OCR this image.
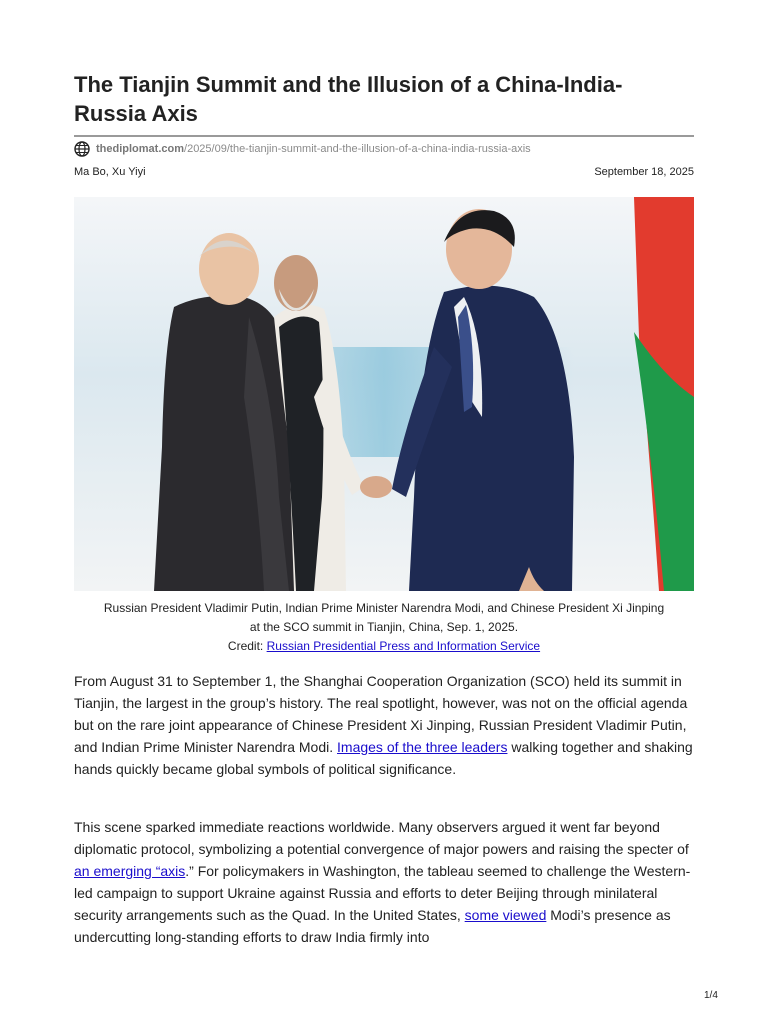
The Tianjin Summit and the Illusion of a China-India-Russia Axis
thediplomat.com /2025/09/the-tianjin-summit-and-the-illusion-of-a-china-india-russia-axis
Ma Bo, Xu Yiyi	September 18, 2025
Russian President Vladimir Putin, Indian Prime Minister Narendra Modi, and Chinese President Xi Jinping
at the SCO summit in Tianjin, China, Sep. 1, 2025.
Credit: Russian Presidential Press and Information Service

From August 31 to September 1, the Shanghai Cooperation Organization (SCO) held its summit in Tianjin, the largest in the group’s history. The real spotlight, however, was not on the official agenda but on the rare joint appearance of Chinese President Xi Jinping, Russian President Vladimir Putin, and Indian Prime Minister Narendra Modi. Images of the three leaders walking together and shaking hands quickly became global symbols of political significance.

This scene sparked immediate reactions worldwide. Many observers argued it went far beyond diplomatic protocol, symbolizing a potential convergence of major powers and raising the specter of an emerging “axis.” For policymakers in Washington, the tableau seemed to challenge the Western-led campaign to support Ukraine against Russia and efforts to deter Beijing through minilateral security arrangements such as the Quad. In the United States, some viewed Modi’s presence as undercutting long-standing efforts to draw India firmly into

1/4
